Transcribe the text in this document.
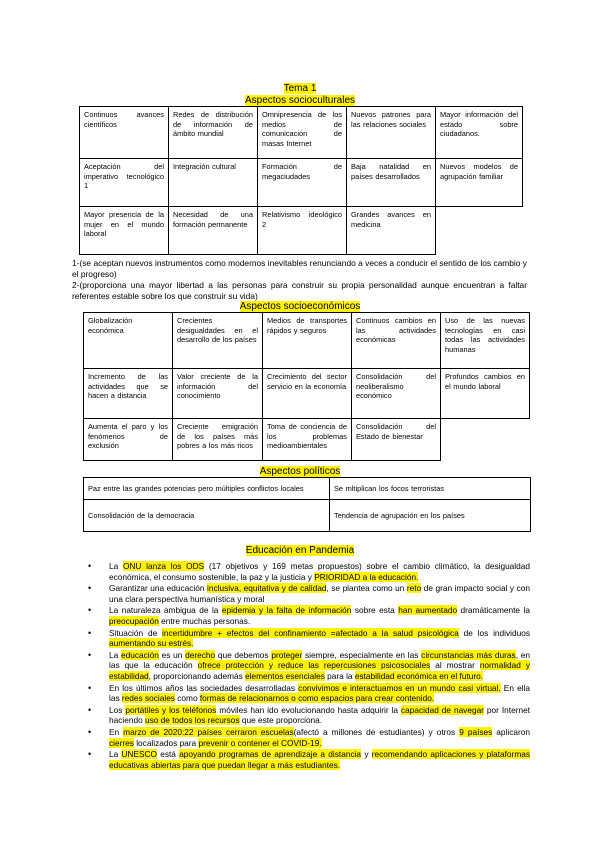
Tema 1
Aspectos socioculturales
Continuos avances científicos	Redes de distribución de información de ámbito mundial	Omnipresencia de los medios de comunicación de masas Internet	Nuevos patrones para las relaciones sociales	Mayor información del estado sobre ciudadanos.
Aceptación del imperativo tecnológico 1	Integración cultural	Formación de megaciudades	Baja natalidad en países desarrollados	Nuevos modelos de agrupación familiar
Mayor presencia de la mujer en el mundo laboral	Necesidad de una formación permanente	Relativismo ideológico 2	Grandes avances en medicina	
1-(se aceptan nuevos instrumentos como modernos inevitables renunciando a veces a conducir el sentido de los cambio y el progreso)
2-(proporciona una mayor libertad a las personas para construir su propia personalidad aunque encuentran a faltar referentes estable sobre los que construir su vida)
Aspectos socioeconómicos
Globalización económica	Crecientes desigualdades en el desarrollo de los países	Medios de transportes rápidos y seguros	Continuos cambios en las actividades económicas	Uso de las nuevas tecnologías en casi todas las actividades humanas
Incremento de las actividades que se hacen a distancia	Valor creciente de la información del conocimiento	Crecimiento del sector servicio en la economía	Consolidación del neoliberalismo económico	Profundos cambios en el mundo laboral
Aumenta el paro y los fenómenos de exclusión	Creciente emigración de los países más pobres a los más ricos	Toma de conciencia de los problemas medioambientales	Consolidación del Estado de bienestar	
Aspectos políticos
Paz entre las grandes potencias pero múltiples conflictos locales	Se mltiplican los focos terroristas
Consolidación de la democracia	Tendencia de agrupación en los países
Educación en Pandemia
• La ONU lanza los ODS (17 objetivos y 169 metas propuestos) sobre el cambio climático, la desigualdad económica, el consumo sostenible, la paz y la justicia y PRIORIDAD a la educación.
• Garantizar una educación inclusiva, equitativa y de calidad, se plantea como un reto de gran impacto social y con una clara perspectiva humanística y moral
• La naturaleza ambigua de la epidemia y la falta de información sobre esta han aumentado dramáticamente la preocupación entre muchas personas.
• Situación de incertidumbre + efectos del confinamiento =afectado a la salud psicológica de los individuos aumentando su estrés.
• La educación es un derecho que debemos proteger siempre, especialmente en las circunstancias más duras, en las que la educación ofrece protección y reduce las repercusiones psicosociales al mostrar normalidad y estabilidad, proporcionando además elementos esenciales para la estabilidad económica en el futuro.
• En los últimos años las sociedades desarrolladas convivimos e interactuamos en un mundo casi virtual. En ella las redes sociales como formas de relacionarnos o como espacios para crear contenido.
• Los portátiles y los teléfonos móviles han ido evolucionando hasta adquirir la capacidad de navegar por Internet haciendo uso de todos los recursos que este proporciona.
• En marzo de 2020:22 países cerraron escuelas(afectó a millones de estudiantes) y otros 9 países aplicaron cierres localizados para prevenir o contener el COVID-19.
• La UNESCO está apoyando programas de aprendizaje a distancia y recomendando aplicaciones y plataformas educativas abiertas para que puedan llegar a más estudiantes.
